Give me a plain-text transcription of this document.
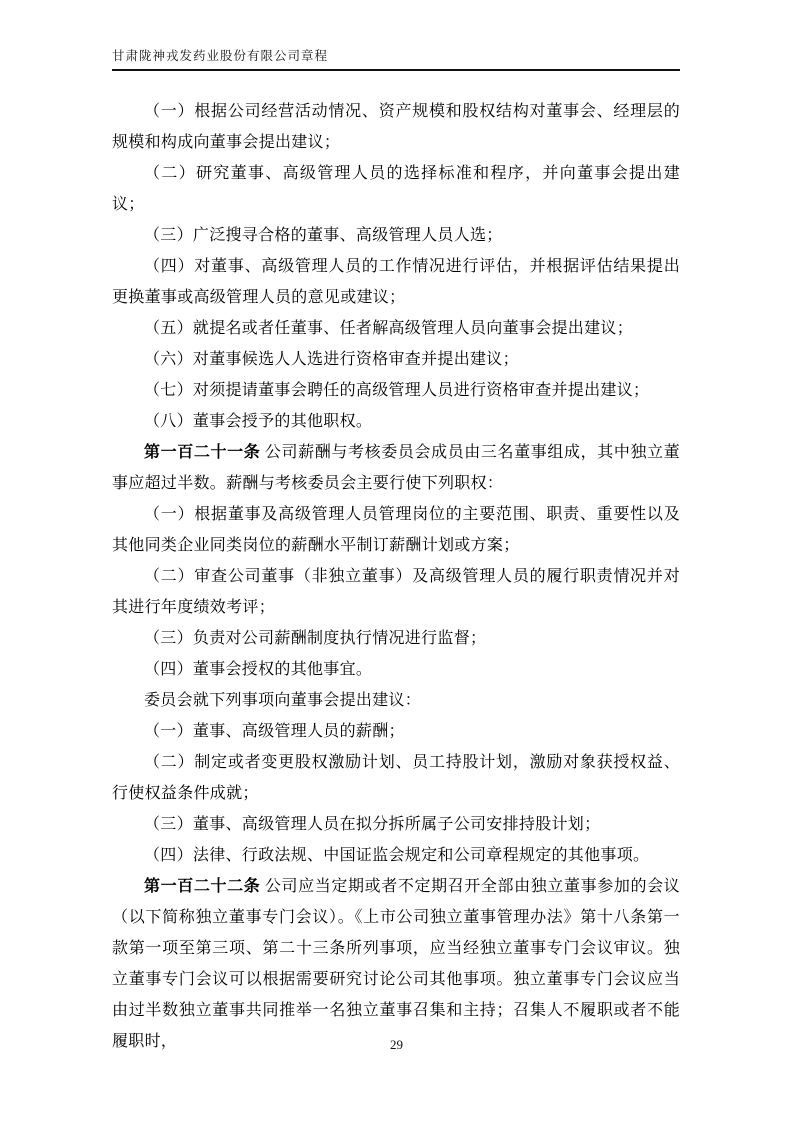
甘肃陇神戎发药业股份有限公司章程

（一）根据公司经营活动情况、资产规模和股权结构对董事会、经理层的规模和构成向董事会提出建议；

（二）研究董事、高级管理人员的选择标准和程序，并向董事会提出建议；

（三）广泛搜寻合格的董事、高级管理人员人选；

（四）对董事、高级管理人员的工作情况进行评估，并根据评估结果提出更换董事或高级管理人员的意见或建议；

（五）就提名或者任董事、任者解高级管理人员向董事会提出建议；

（六）对董事候选人人选进行资格审查并提出建议；

（七）对须提请董事会聘任的高级管理人员进行资格审查并提出建议；

（八）董事会授予的其他职权。

第一百二十一条 公司薪酬与考核委员会成员由三名董事组成，其中独立董事应超过半数。薪酬与考核委员会主要行使下列职权：

（一）根据董事及高级管理人员管理岗位的主要范围、职责、重要性以及其他同类企业同类岗位的薪酬水平制订薪酬计划或方案；

（二）审查公司董事（非独立董事）及高级管理人员的履行职责情况并对其进行年度绩效考评；

（三）负责对公司薪酬制度执行情况进行监督；

（四）董事会授权的其他事宜。

委员会就下列事项向董事会提出建议：

（一）董事、高级管理人员的薪酬；

（二）制定或者变更股权激励计划、员工持股计划，激励对象获授权益、行使权益条件成就；

（三）董事、高级管理人员在拟分拆所属子公司安排持股计划；

（四）法律、行政法规、中国证监会规定和公司章程规定的其他事项。

第一百二十二条 公司应当定期或者不定期召开全部由独立董事参加的会议（以下简称独立董事专门会议）。《上市公司独立董事管理办法》第十八条第一款第一项至第三项、第二十三条所列事项，应当经独立董事专门会议审议。独立董事专门会议可以根据需要研究讨论公司其他事项。独立董事专门会议应当由过半数独立董事共同推举一名独立董事召集和主持；召集人不履职或者不能履职时，	29
